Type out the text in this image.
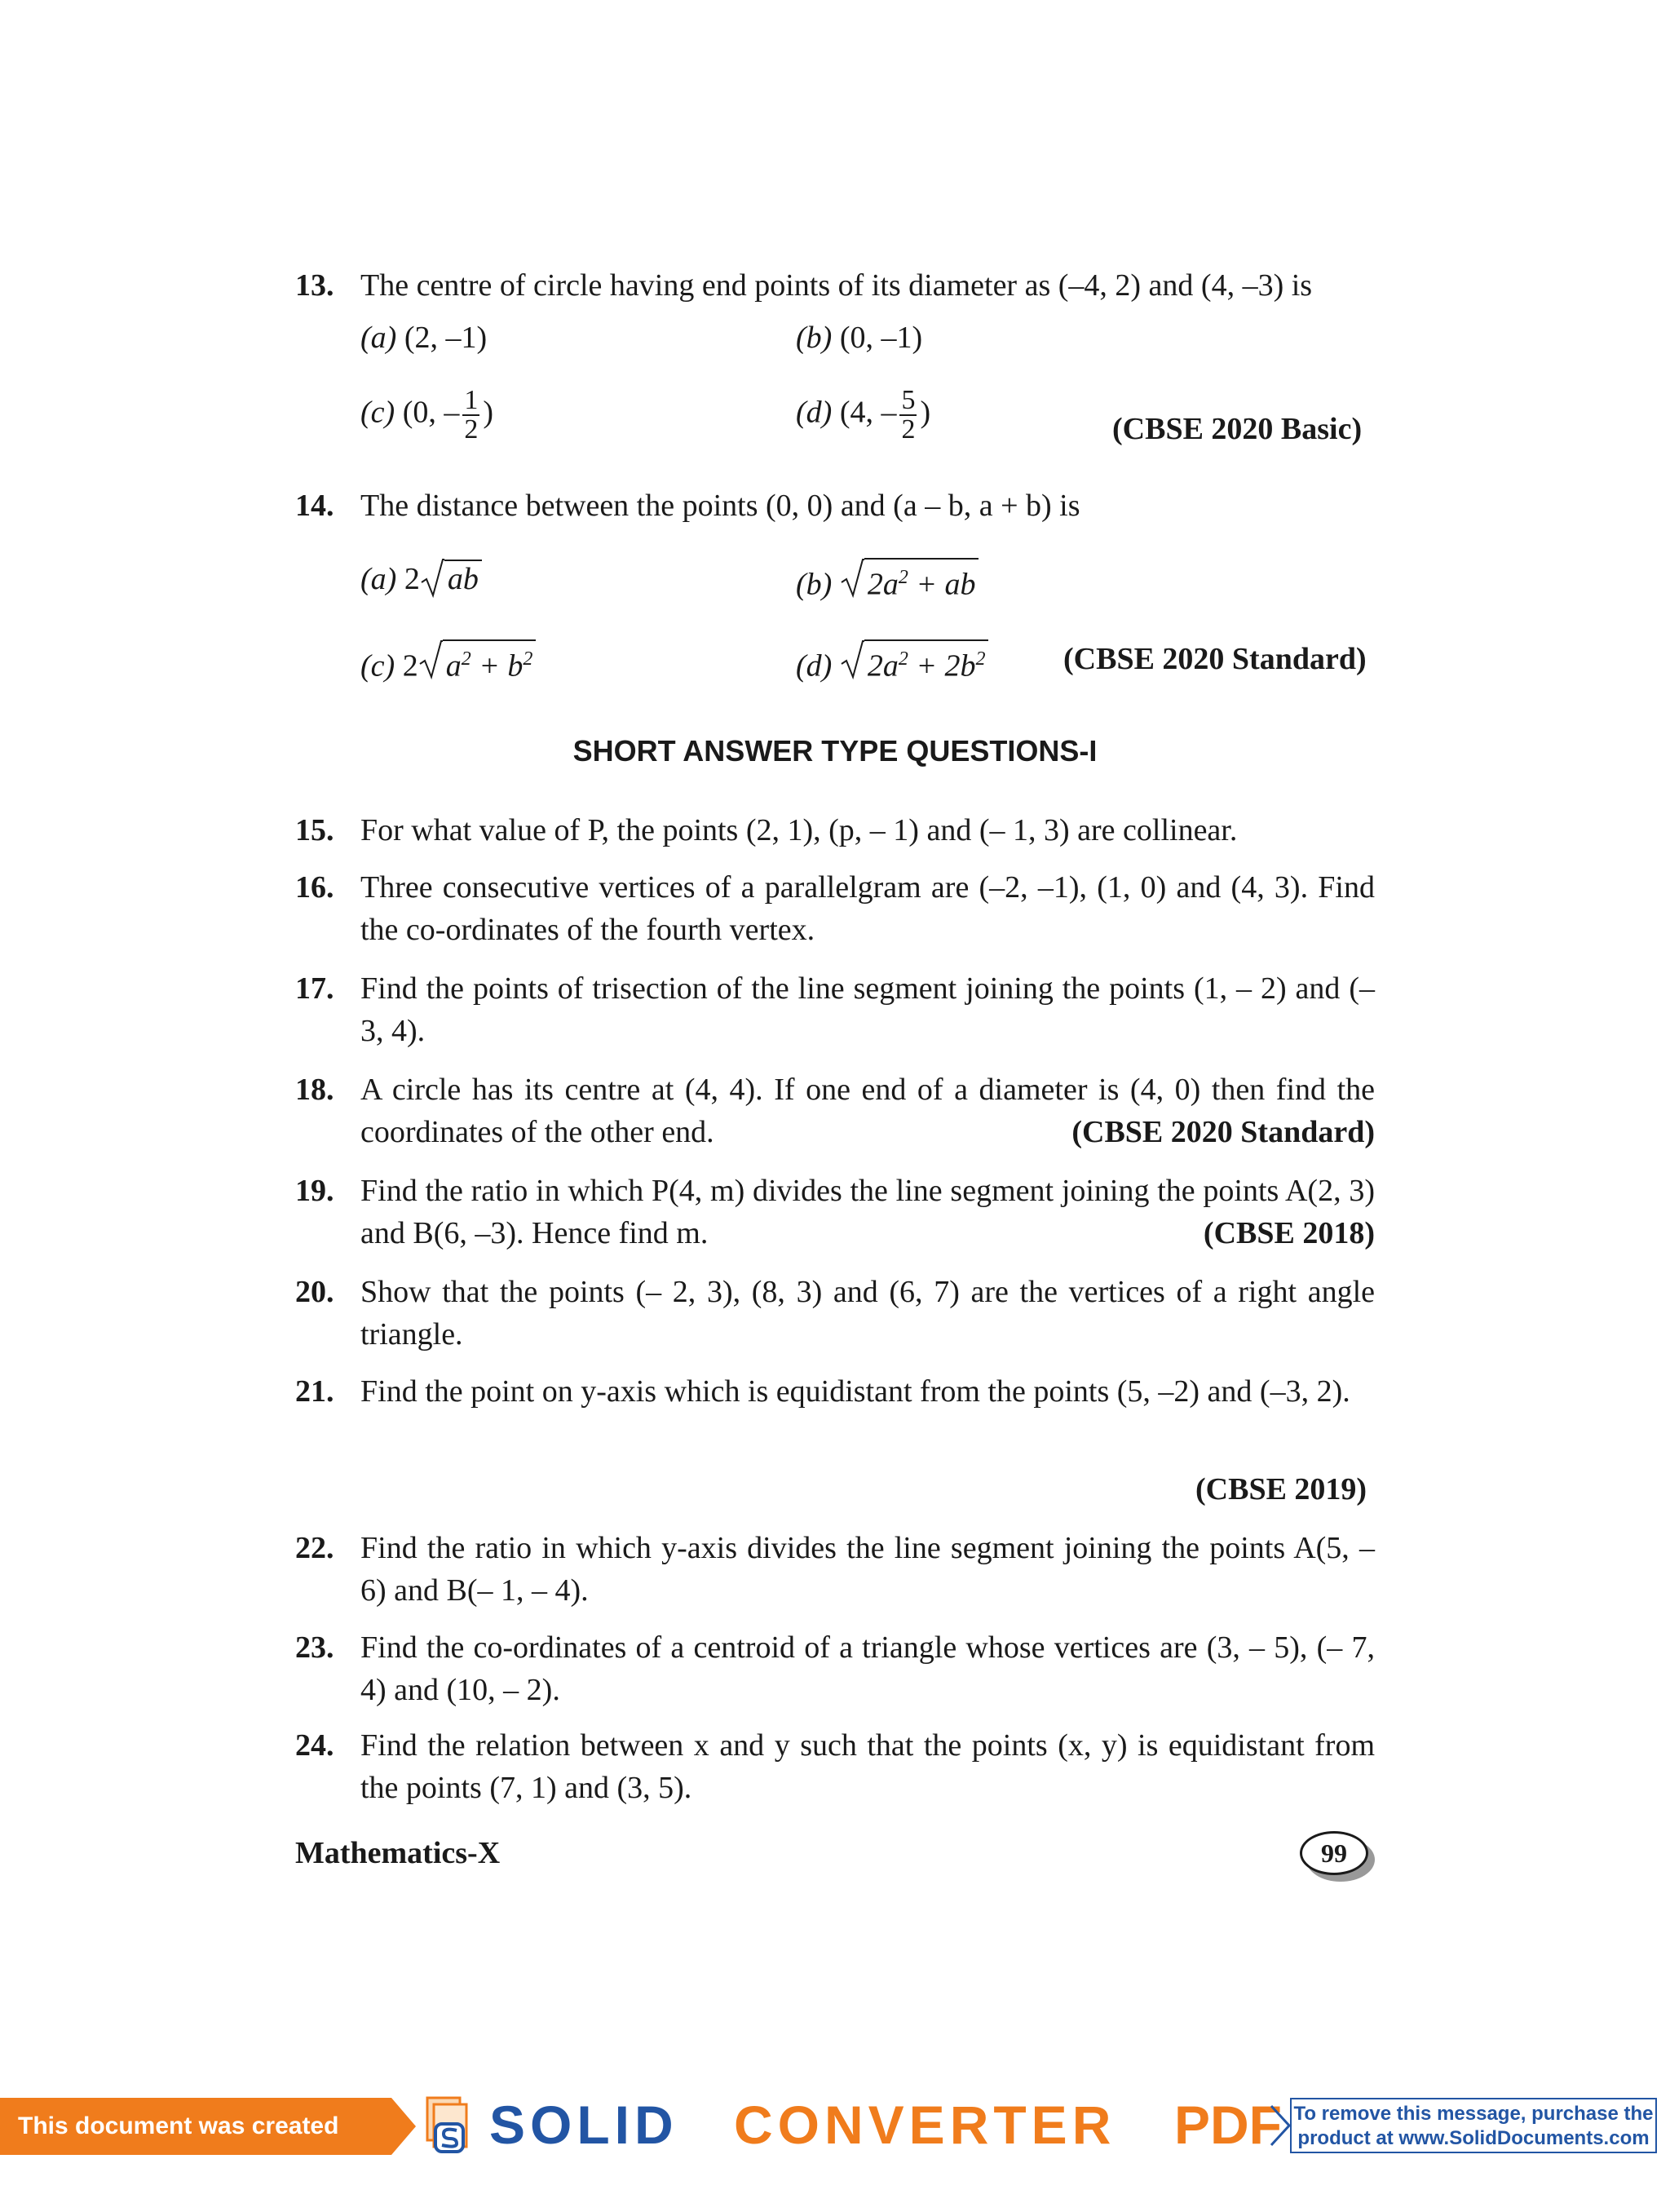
13. The centre of circle having end points of its diameter as (–4, 2) and (4, –3) is
(a) (2, –1)	(b) (0, –1)
(c) (0, – $\frac{1}{2}$ )	(d) (4, – $\frac{5}{2}$ )	(CBSE 2020 Basic)
14. The distance between the points (0, 0) and (a – b, a + b) is
(a) 2 ab	(b) $2a^2$ + ab
(c) 2 $a^2 + b^2$	(d) $2a^2 + 2b^2$	(CBSE 2020 Standard)
SHORT ANSWER TYPE QUESTIONS-I
15. For what value of P, the points (2, 1), (p, – 1) and (– 1, 3) are collinear.
16. Three consecutive vertices of a parallelgram are (–2, –1), (1, 0) and (4, 3). Find the co-ordinates of the fourth vertex.
17. Find the points of trisection of the line segment joining the points (1, – 2) and (– 3, 4).
18. A circle has its centre at (4, 4). If one end of a diameter is (4, 0) then find the coordinates of the other end.	(CBSE 2020 Standard)
19. Find the ratio in which P(4, m) divides the line segment joining the points A(2, 3) and B(6, –3). Hence find m.	(CBSE 2018)
20. Show that the points (– 2, 3), (8, 3) and (6, 7) are the vertices of a right angle triangle.
21. Find the point on y-axis which is equidistant from the points (5, –2) and (–3, 2).
(CBSE 2019)
22. Find the ratio in which y-axis divides the line segment joining the points A(5, – 6) and B(– 1, – 4).
23. Find the co-ordinates of a centroid of a triangle whose vertices are (3, – 5), (– 7, 4) and (10, – 2).
24. Find the relation between x and y such that the points (x, y) is equidistant from the points (7, 1) and (3, 5).
Mathematics-X	99
This document was created using
SOLID CONVERTER PDF To remove this message, purchase the product at www.SolidDocuments.com
